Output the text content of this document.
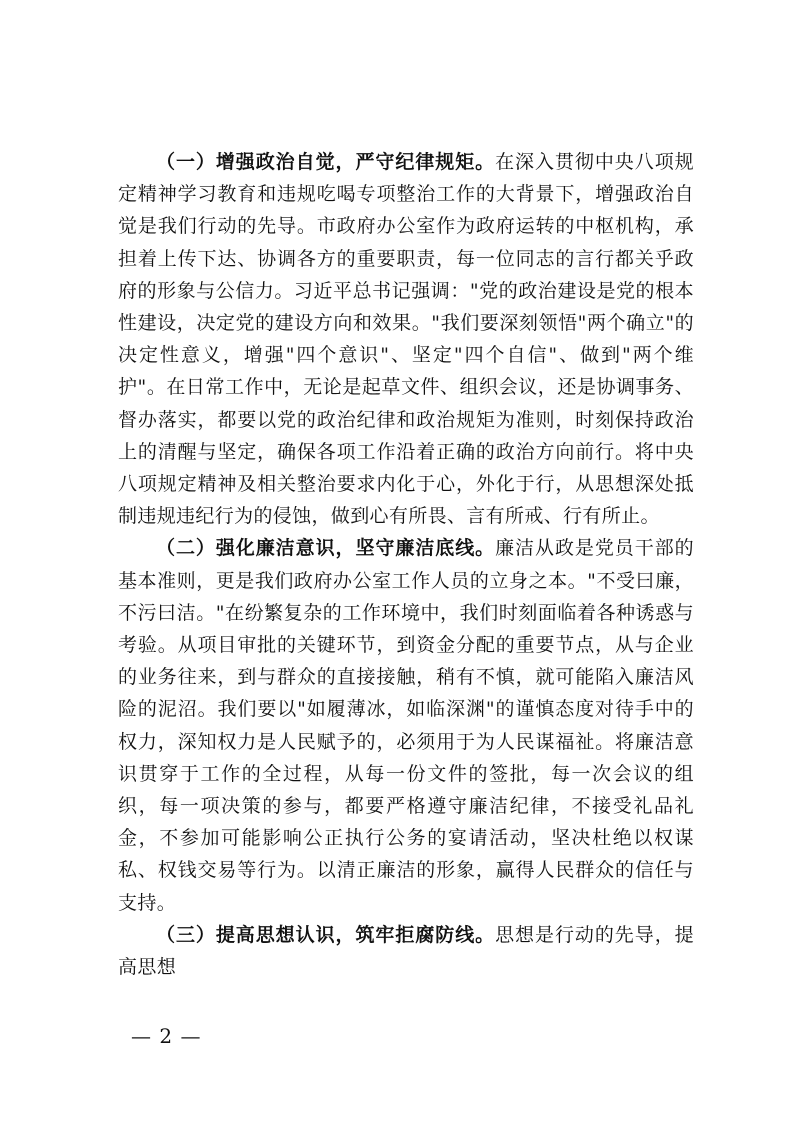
（一）增强政治自觉，严守纪律规矩。在深入贯彻中央八项规定精神学习教育和违规吃喝专项整治工作的大背景下，增强政治自觉是我们行动的先导。市政府办公室作为政府运转的中枢机构，承担着上传下达、协调各方的重要职责，每一位同志的言行都关乎政府的形象与公信力。习近平总书记强调："党的政治建设是党的根本性建设，决定党的建设方向和效果。"我们要深刻领悟"两个确立"的决定性意义，增强"四个意识"、坚定"四个自信"、做到"两个维护"。在日常工作中，无论是起草文件、组织会议，还是协调事务、督办落实，都要以党的政治纪律和政治规矩为准则，时刻保持政治上的清醒与坚定，确保各项工作沿着正确的政治方向前行。将中央八项规定精神及相关整治要求内化于心，外化于行，从思想深处抵制违规违纪行为的侵蚀，做到心有所畏、言有所戒、行有所止。

（二）强化廉洁意识，坚守廉洁底线。廉洁从政是党员干部的基本准则，更是我们政府办公室工作人员的立身之本。"不受曰廉，不污曰洁。"在纷繁复杂的工作环境中，我们时刻面临着各种诱惑与考验。从项目审批的关键环节，到资金分配的重要节点，从与企业的业务往来，到与群众的直接接触，稍有不慎，就可能陷入廉洁风险的泥沼。我们要以"如履薄冰，如临深渊"的谨慎态度对待手中的权力，深知权力是人民赋予的，必须用于为人民谋福祉。将廉洁意识贯穿于工作的全过程，从每一份文件的签批，每一次会议的组织，每一项决策的参与，都要严格遵守廉洁纪律，不接受礼品礼金，不参加可能影响公正执行公务的宴请活动，坚决杜绝以权谋私、权钱交易等行为。以清正廉洁的形象，赢得人民群众的信任与支持。

（三）提高思想认识，筑牢拒腐防线。思想是行动的先导，提高思想

— 2 —
